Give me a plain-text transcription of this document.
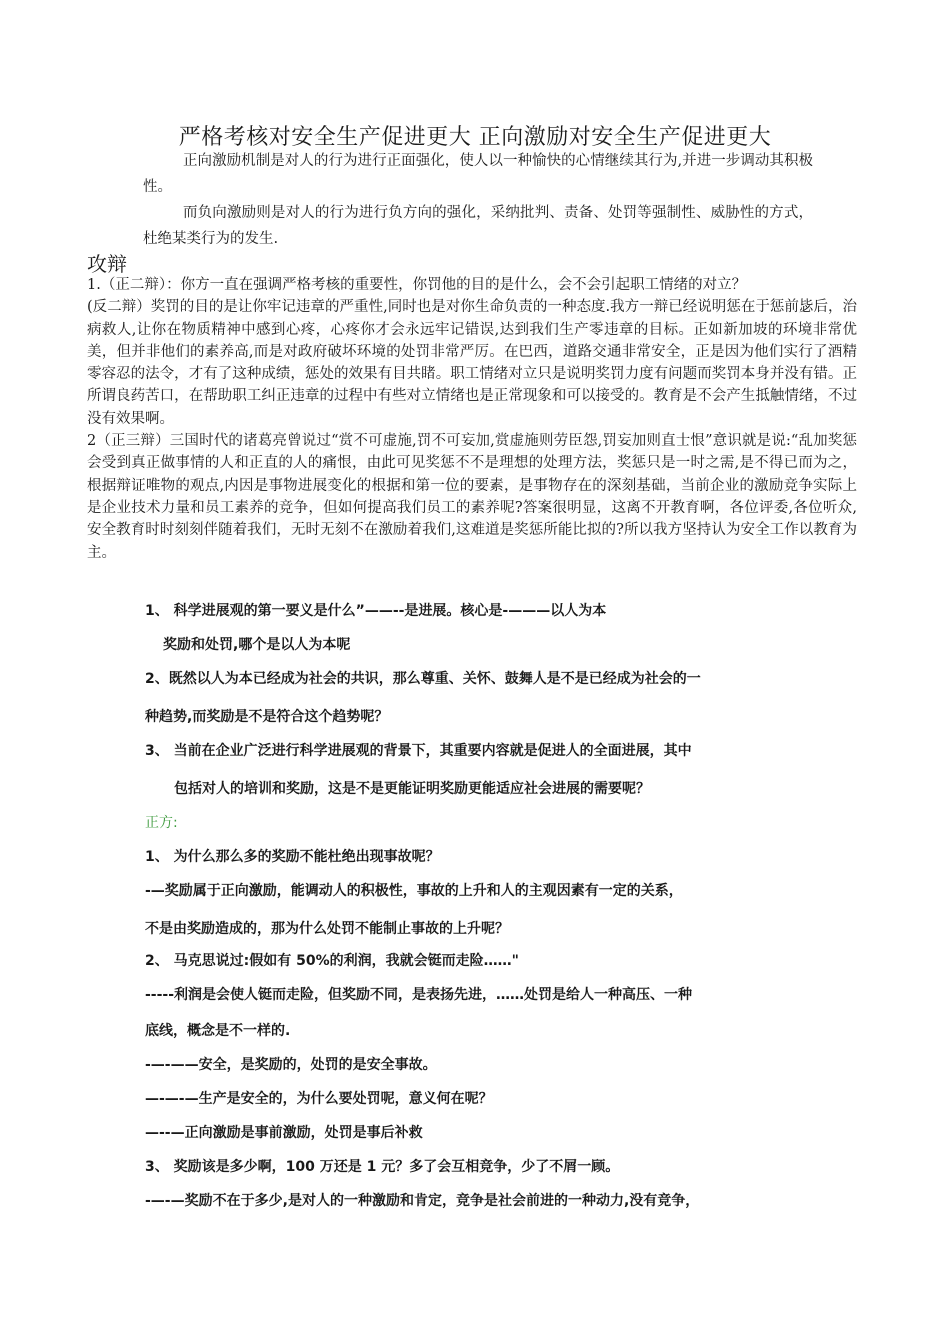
严格考核对安全生产促进更大 正向激励对安全生产促进更大

正向激励机制是对人的行为进行正面强化，使人以一种愉快的心情继续其行为,并进一步调动其积极性。

而负向激励则是对人的行为进行负方向的强化，采纳批判、责备、处罚等强制性、威胁性的方式，杜绝某类行为的发生.

攻辩

1.（正二辩）：你方一直在强调严格考核的重要性，你罚他的目的是什么，会不会引起职工情绪的对立？

(反二辩）奖罚的目的是让你牢记违章的严重性,同时也是对你生命负责的一种态度.我方一辩已经说明惩在于惩前毖后，治病救人,让你在物质精神中感到心疼，心疼你才会永远牢记错误,达到我们生产零违章的目标。正如新加坡的环境非常优美，但并非他们的素养高,而是对政府破坏环境的处罚非常严厉。在巴西，道路交通非常安全，正是因为他们实行了酒精零容忍的法令，才有了这种成绩，惩处的效果有目共睹。职工情绪对立只是说明奖罚力度有问题而奖罚本身并没有错。正所谓良药苦口，在帮助职工纠正违章的过程中有些对立情绪也是正常现象和可以接受的。教育是不会产生抵触情绪，不过没有效果啊。

2（正三辩）三国时代的诸葛亮曾说过“赏不可虚施,罚不可妄加,赏虚施则劳臣怨,罚妄加则直士恨”意识就是说:“乱加奖惩会受到真正做事情的人和正直的人的痛恨，由此可见奖惩不不是理想的处理方法，奖惩只是一时之需,是不得已而为之，根据辩证唯物的观点,内因是事物进展变化的根据和第一位的要素，是事物存在的深刻基础，当前企业的激励竞争实际上是企业技术力量和员工素养的竞争，但如何提高我们员工的素养呢?答案很明显，这离不开教育啊，各位评委,各位听众,安全教育时时刻刻伴随着我们，无时无刻不在激励着我们,这难道是奖惩所能比拟的?所以我方坚持认为安全工作以教育为主。

1、 科学进展观的第一要义是什么”——--是进展。核心是-———以人为本
奖励和处罚,哪个是以人为本呢
2、既然以人为本已经成为社会的共识，那么尊重、关怀、鼓舞人是不是已经成为社会的一
种趋势,而奖励是不是符合这个趋势呢？
3、 当前在企业广泛进行科学进展观的背景下，其重要内容就是促进人的全面进展，其中
包括对人的培训和奖励，这是不是更能证明奖励更能适应社会进展的需要呢？
正方:
1、 为什么那么多的奖励不能杜绝出现事故呢？
-—奖励属于正向激励，能调动人的积极性，事故的上升和人的主观因素有一定的关系，
不是由奖励造成的，那为什么处罚不能制止事故的上升呢？
2、 马克思说过:假如有 50%的利润，我就会铤而走险……"
-----利润是会使人铤而走险，但奖励不同，是表扬先进，……处罚是给人一种高压、一种
底线，概念是不一样的.
-—-——安全，是奖励的，处罚的是安全事故。
—-—-—生产是安全的，为什么要处罚呢，意义何在呢？
—--—正向激励是事前激励，处罚是事后补救
3、 奖励该是多少啊，100 万还是 1 元？多了会互相竞争，少了不屑一顾。
-—-—奖励不在于多少,是对人的一种激励和肯定，竞争是社会前进的一种动力,没有竞争，
